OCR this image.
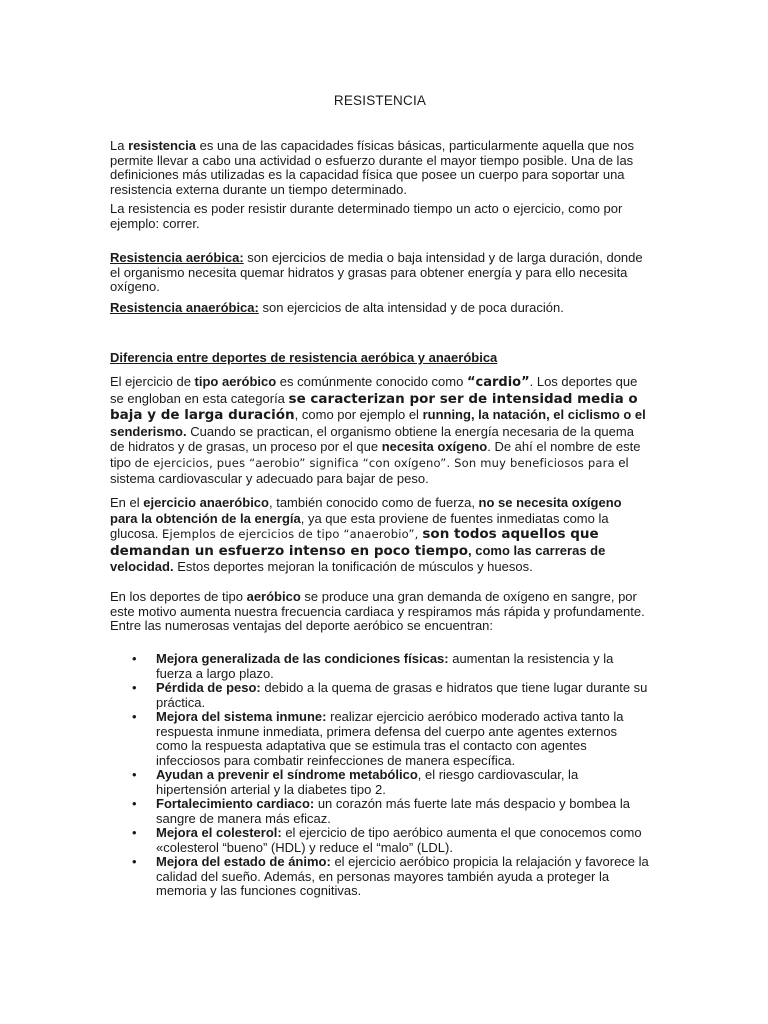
RESISTENCIA

La resistencia es una de las capacidades físicas básicas, particularmente aquella que nos permite llevar a cabo una actividad o esfuerzo durante el mayor tiempo posible. Una de las definiciones más utilizadas es la capacidad física que posee un cuerpo para soportar una resistencia externa durante un tiempo determinado.

La resistencia es poder resistir durante determinado tiempo un acto o ejercicio, como por ejemplo: correr.

Resistencia aeróbica: son ejercicios de media o baja intensidad y de larga duración, donde el organismo necesita quemar hidratos y grasas para obtener energía y para ello necesita oxígeno.

Resistencia anaeróbica: son ejercicios de alta intensidad y de poca duración.

Diferencia entre deportes de resistencia aeróbica y anaeróbica

El ejercicio de tipo aeróbico es comúnmente conocido como “cardio”. Los deportes que se engloban en esta categoría se caracterizan por ser de intensidad media o baja y de larga duración, como por ejemplo el running, la natación, el ciclismo o el senderismo. Cuando se practican, el organismo obtiene la energía necesaria de la quema de hidratos y de grasas, un proceso por el que necesita oxígeno. De ahí el nombre de este tipo de ejercicios, pues “aerobio” significa “con oxígeno”. Son muy beneficiosos para el sistema cardiovascular y adecuado para bajar de peso.

En el ejercicio anaeróbico, también conocido como de fuerza, no se necesita oxígeno para la obtención de la energía, ya que esta proviene de fuentes inmediatas como la glucosa. Ejemplos de ejercicios de tipo “anaerobio”, son todos aquellos que demandan un esfuerzo intenso en poco tiempo, como las carreras de velocidad. Estos deportes mejoran la tonificación de músculos y huesos.

En los deportes de tipo aeróbico se produce una gran demanda de oxígeno en sangre, por este motivo aumenta nuestra frecuencia cardiaca y respiramos más rápida y profundamente. Entre las numerosas ventajas del deporte aeróbico se encuentran:

• Mejora generalizada de las condiciones físicas: aumentan la resistencia y la fuerza a largo plazo.
• Pérdida de peso: debido a la quema de grasas e hidratos que tiene lugar durante su práctica.
• Mejora del sistema inmune: realizar ejercicio aeróbico moderado activa tanto la respuesta inmune inmediata, primera defensa del cuerpo ante agentes externos como la respuesta adaptativa que se estimula tras el contacto con agentes infecciosos para combatir reinfecciones de manera específica.
• Ayudan a prevenir el síndrome metabólico, el riesgo cardiovascular, la hipertensión arterial y la diabetes tipo 2.
• Fortalecimiento cardiaco: un corazón más fuerte late más despacio y bombea la sangre de manera más eficaz.
• Mejora el colesterol: el ejercicio de tipo aeróbico aumenta el que conocemos como «colesterol “bueno” (HDL) y reduce el “malo” (LDL).
• Mejora del estado de ánimo: el ejercicio aeróbico propicia la relajación y favorece la calidad del sueño. Además, en personas mayores también ayuda a proteger la memoria y las funciones cognitivas.
